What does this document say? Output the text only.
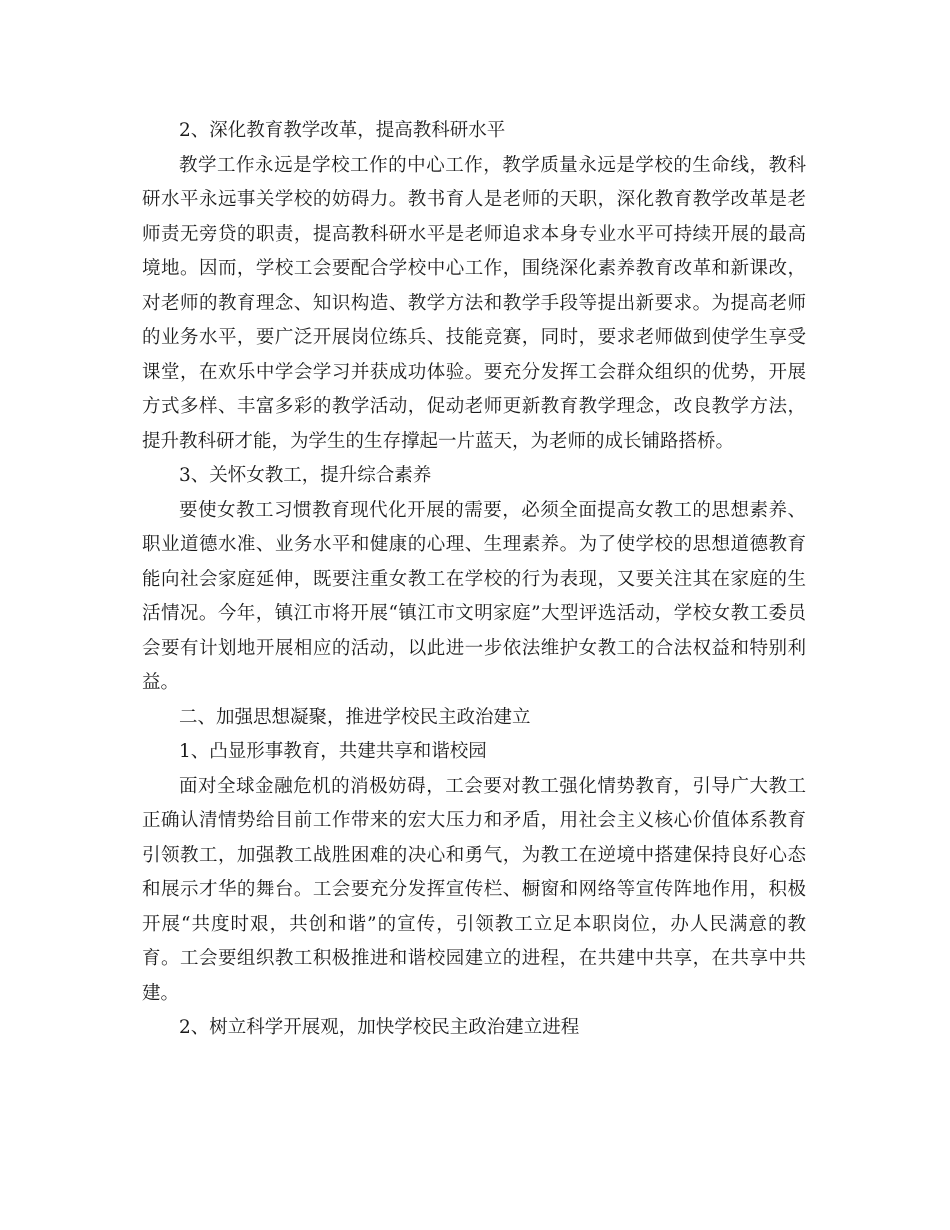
2、深化教育教学改革，提高教科研水平

教学工作永远是学校工作的中心工作，教学质量永远是学校的生命线，教科研水平永远事关学校的妨碍力。教书育人是老师的天职，深化教育教学改革是老师责无旁贷的职责，提高教科研水平是老师追求本身专业水平可持续开展的最高境地。因而，学校工会要配合学校中心工作，围绕深化素养教育改革和新课改，对老师的教育理念、知识构造、教学方法和教学手段等提出新要求。为提高老师的业务水平，要广泛开展岗位练兵、技能竞赛，同时，要求老师做到使学生享受课堂，在欢乐中学会学习并获成功体验。要充分发挥工会群众组织的优势，开展方式多样、丰富多彩的教学活动，促动老师更新教育教学理念，改良教学方法，提升教科研才能，为学生的生存撑起一片蓝天，为老师的成长铺路搭桥。

3、关怀女教工，提升综合素养

要使女教工习惯教育现代化开展的需要，必须全面提高女教工的思想素养、职业道德水准、业务水平和健康的心理、生理素养。为了使学校的思想道德教育能向社会家庭延伸，既要注重女教工在学校的行为表现，又要关注其在家庭的生活情况。今年，镇江市将开展“镇江市文明家庭”大型评选活动，学校女教工委员会要有计划地开展相应的活动，以此进一步依法维护女教工的合法权益和特别利益。

二、加强思想凝聚，推进学校民主政治建立

1、凸显形事教育，共建共享和谐校园

面对全球金融危机的消极妨碍，工会要对教工强化情势教育，引导广大教工正确认清情势给目前工作带来的宏大压力和矛盾，用社会主义核心价值体系教育引领教工，加强教工战胜困难的决心和勇气，为教工在逆境中搭建保持良好心态和展示才华的舞台。工会要充分发挥宣传栏、橱窗和网络等宣传阵地作用，积极开展“共度时艰，共创和谐”的宣传，引领教工立足本职岗位，办人民满意的教育。工会要组织教工积极推进和谐校园建立的进程，在共建中共享，在共享中共建。

2、树立科学开展观，加快学校民主政治建立进程
